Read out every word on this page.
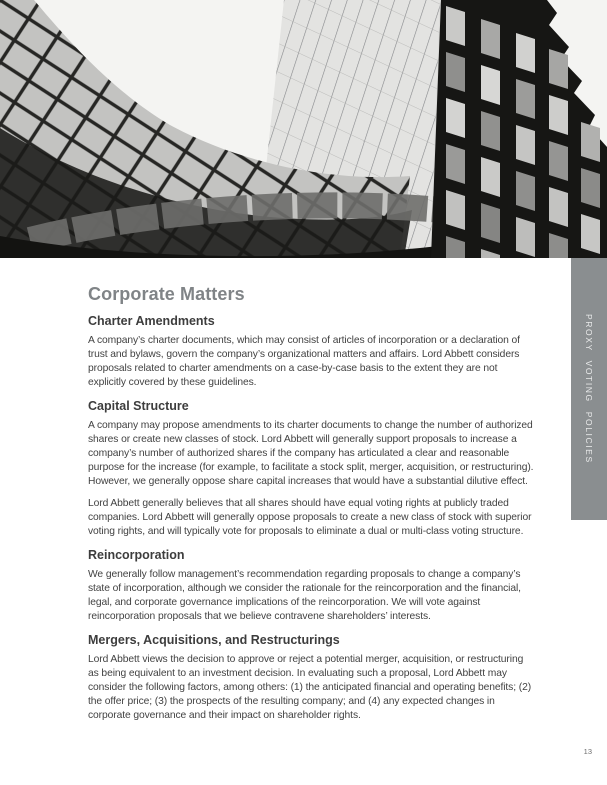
PROXY VOTING POLICIES
Corporate Matters
Charter Amendments

A company’s charter documents, which may consist of articles of incorporation or a declaration of trust and bylaws, govern the company’s organizational matters and affairs. Lord Abbett considers proposals related to charter amendments on a case-by-case basis to the extent they are not explicitly covered by these guidelines.

Capital Structure

A company may propose amendments to its charter documents to change the number of authorized shares or create new classes of stock. Lord Abbett will generally support proposals to increase a company’s number of authorized shares if the company has articulated a clear and reasonable purpose for the increase (for example, to facilitate a stock split, merger, acquisition, or restructuring). However, we generally oppose share capital increases that would have a substantial dilutive effect.

Lord Abbett generally believes that all shares should have equal voting rights at publicly traded companies. Lord Abbett will generally oppose proposals to create a new class of stock with superior voting rights, and will typically vote for proposals to eliminate a dual or multi-class voting structure.

Reincorporation

We generally follow management’s recommendation regarding proposals to change a company’s state of incorporation, although we consider the rationale for the reincorporation and the financial, legal, and corporate governance implications of the reincorporation. We will vote against reincorporation proposals that we believe contravene shareholders’ interests.

Mergers, Acquisitions, and Restructurings

Lord Abbett views the decision to approve or reject a potential merger, acquisition, or restructuring as being equivalent to an investment decision. In evaluating such a proposal, Lord Abbett may consider the following factors, among others: (1) the anticipated financial and operating benefits; (2) the offer price; (3) the prospects of the resulting company; and (4) any expected changes in corporate governance and their impact on shareholder rights.

13
